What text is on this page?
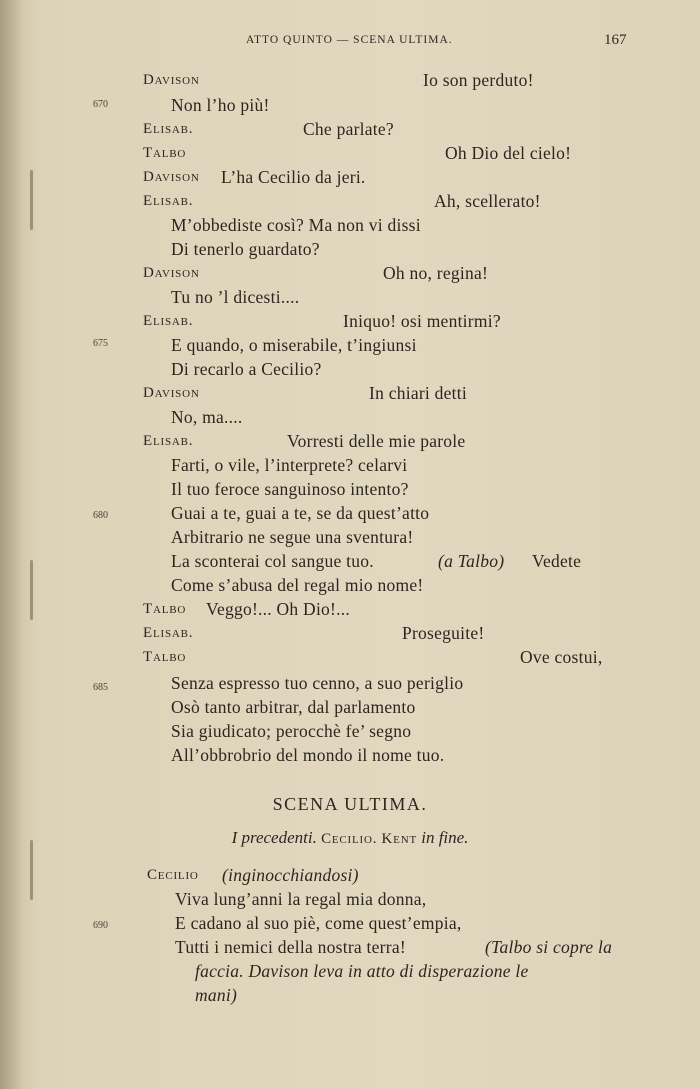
ATTO QUINTO — SCENA ULTIMA.	167
670
675
680
685
690
Davison	Io son perduto!
Non l’ho più!
Elisab.	Che parlate?
Talbo	Oh Dio del cielo!
Davison L’ha Cecilio da jeri.
Elisab.	Ah, scellerato!
M’obbediste così? Ma non vi dissi
Di tenerlo guardato?
Davison	Oh no, regina!
Tu no ’l dicesti....
Elisab.	Iniquo! osi mentirmi?
E quando, o miserabile, t’ingiunsi
Di recarlo a Cecilio?
Davison	In chiari detti
No, ma....
Elisab.	Vorresti delle mie parole
Farti, o vile, l’interprete? celarvi
Il tuo feroce sanguinoso intento?
Guai a te, guai a te, se da quest’atto
Arbitrario ne segue una sventura!
La sconterai col sangue tuo.	(a Talbo) Vedete
Come s’abusa del regal mio nome!
Talbo Veggo!... Oh Dio!...
Elisab.	Proseguite!
Talbo	Ove costui,
Senza espresso tuo cenno, a suo periglio
Osò tanto arbitrar, dal parlamento
Sia giudicato; perocchè fe’ segno
All’obbrobrio del mondo il nome tuo.
SCENA ULTIMA.
I precedenti. Cecilio. Kent in fine.
Cecilio (inginocchiandosi)
Viva lung’anni la regal mia donna,
E cadano al suo piè, come quest’empia,
Tutti i nemici della nostra terra!	(Talbo si copre la
faccia. Davison leva in atto di disperazione le
mani)
